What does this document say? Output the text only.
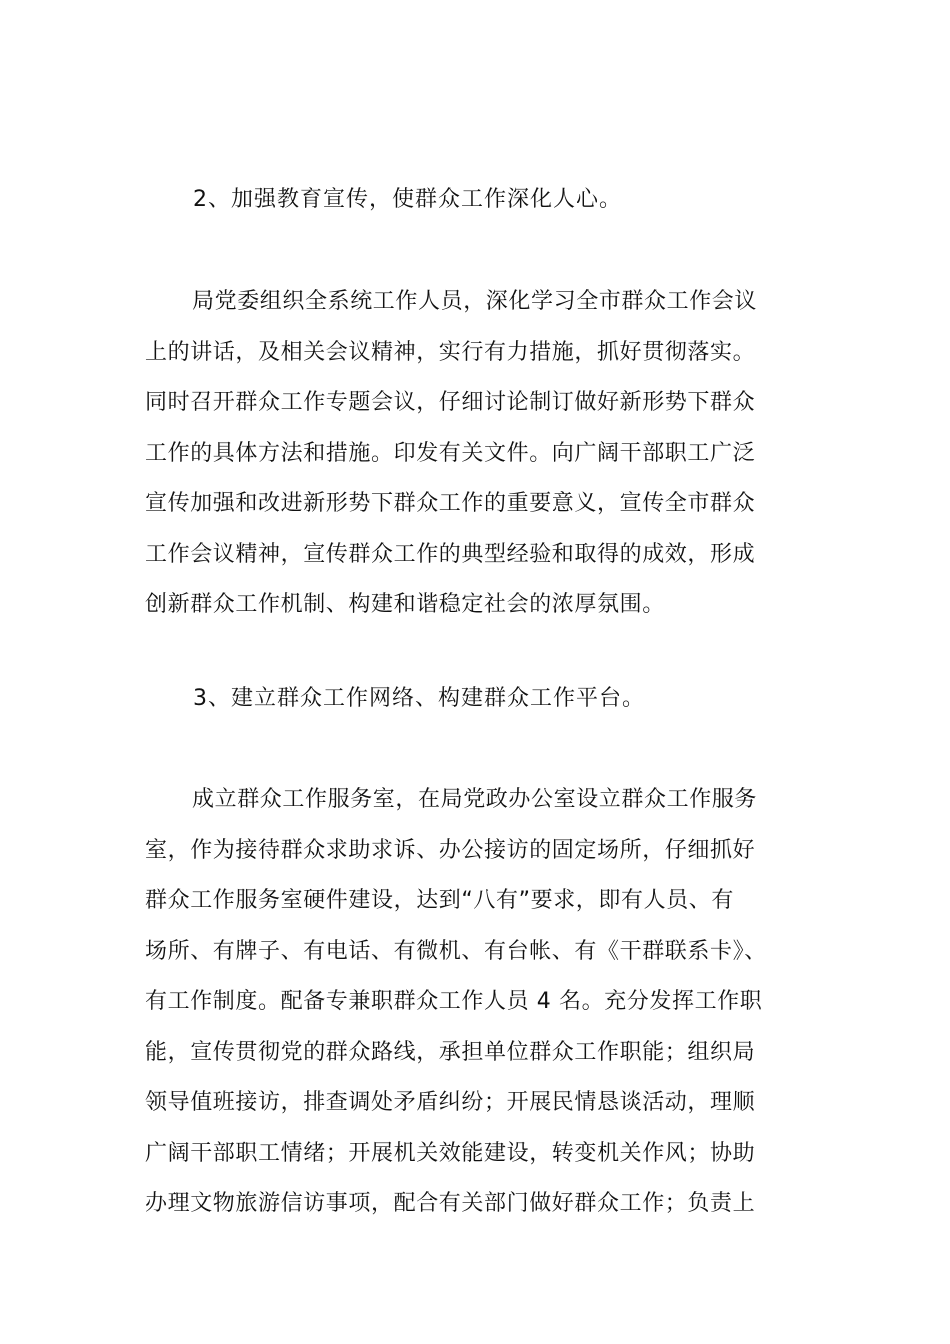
2、加强教育宣传，使群众工作深化人心。
局党委组织全系统工作人员，深化学习全市群众工作会议
上的讲话，及相关会议精神，实行有力措施，抓好贯彻落实。
同时召开群众工作专题会议，仔细讨论制订做好新形势下群众
工作的具体方法和措施。印发有关文件。向广阔干部职工广泛
宣传加强和改进新形势下群众工作的重要意义，宣传全市群众
工作会议精神，宣传群众工作的典型经验和取得的成效，形成
创新群众工作机制、构建和谐稳定社会的浓厚氛围。
3、建立群众工作网络、构建群众工作平台。
成立群众工作服务室，在局党政办公室设立群众工作服务
室，作为接待群众求助求诉、办公接访的固定场所，仔细抓好
群众工作服务室硬件建设，达到“八有”要求，即有人员、有
场所、有牌子、有电话、有微机、有台帐、有《干群联系卡》、
有工作制度。配备专兼职群众工作人员 4 名。充分发挥工作职
能，宣传贯彻党的群众路线，承担单位群众工作职能；组织局
领导值班接访，排查调处矛盾纠纷；开展民情恳谈活动，理顺
广阔干部职工情绪；开展机关效能建设，转变机关作风；协助
办理文物旅游信访事项，配合有关部门做好群众工作；负责上
